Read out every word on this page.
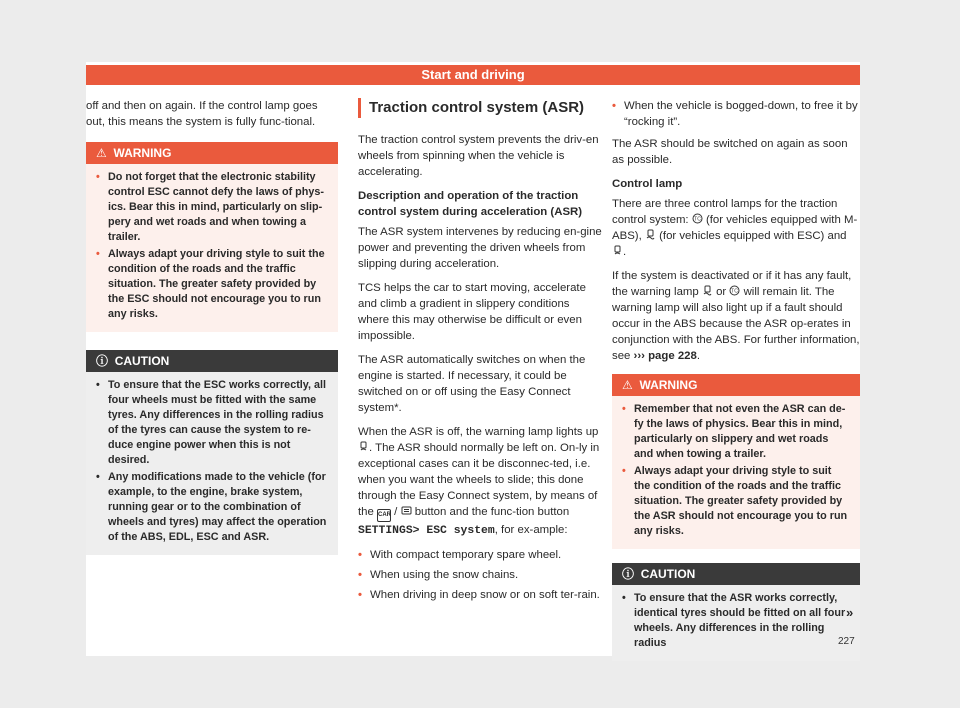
Start and driving

off and then on again. If the control lamp goes out, this means the system is fully func-tional.

⚠ WARNING
• Do not forget that the electronic stability control ESC cannot defy the laws of phys-ics. Bear this in mind, particularly on slip-pery and wet roads and when towing a trailer.
• Always adapt your driving style to suit the condition of the roads and the traffic situation. The greater safety provided by the ESC should not encourage you to run any risks.
ⓘ CAUTION
• To ensure that the ESC works correctly, all four wheels must be fitted with the same tyres. Any differences in the rolling radius of the tyres can cause the system to re-duce engine power when this is not desired.
• Any modifications made to the vehicle (for example, to the engine, brake system, running gear or to the combination of wheels and tyres) may affect the operation of the ABS, EDL, ESC and ASR.
Traction control system (ASR)

The traction control system prevents the driv-en wheels from spinning when the vehicle is accelerating.

Description and operation of the traction control system during acceleration (ASR)

The ASR system intervenes by reducing en-gine power and preventing the driven wheels from slipping during acceleration.

TCS helps the car to start moving, accelerate and climb a gradient in slippery conditions where this may otherwise be difficult or even impossible.

The ASR automatically switches on when the engine is started. If necessary, it could be switched on or off using the Easy Connect system*.

When the ASR is off, the warning lamp lights up . The ASR should normally be left on. On-ly in exceptional cases can it be disconnec-ted, i.e. when you want the wheels to slide; this done through the Easy Connect system, by means of the CAR /  button and the func-tion button SETTINGS> ESC system, for ex-ample:

• With compact temporary spare wheel.
• When using the snow chains.
• When driving in deep snow or on soft ter-rain.
• When the vehicle is bogged-down, to free it by “rocking it”.

The ASR should be switched on again as soon as possible.

Control lamp

There are three control lamps for the traction control system: TC (for vehicles equipped with M-ABS), (for vehicles equipped with ESC) and .

If the system is deactivated or if it has any fault, the warning lamp or TC will remain lit. The warning lamp will also light up if a fault should occur in the ABS because the ASR op-erates in conjunction with the ABS. For further information, see ››› page 228.

⚠ WARNING
• Remember that not even the ASR can de-fy the laws of physics. Bear this in mind, particularly on slippery and wet roads and when towing a trailer.
• Always adapt your driving style to suit the condition of the roads and the traffic situation. The greater safety provided by the ASR should not encourage you to run any risks.
ⓘ CAUTION
• To ensure that the ASR works correctly, identical tyres should be fitted on all four wheels. Any differences in the rolling radius
»
227
